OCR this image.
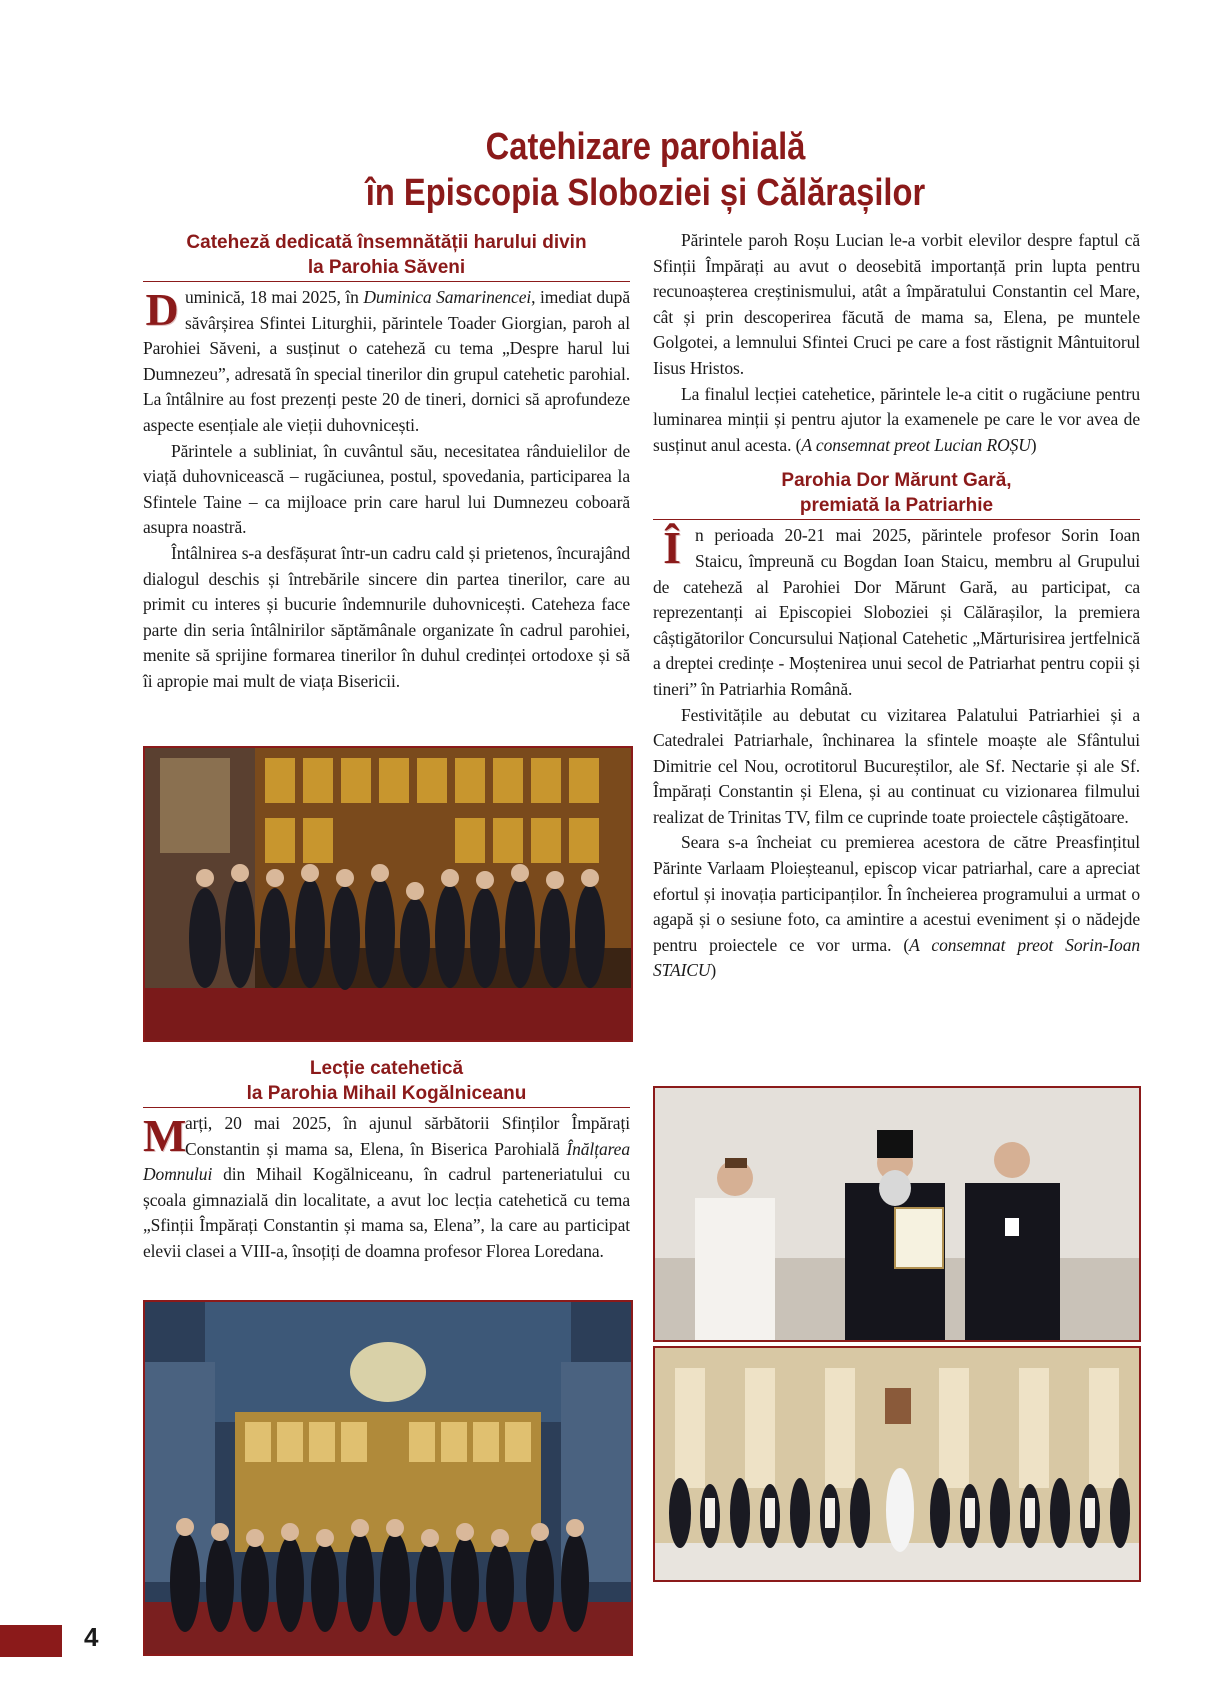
Catehizare parohială
în Episcopia Sloboziei și Călărașilor
Cateheză dedicată însemnătății harului divin
la Parohia Săveni

Duminică, 18 mai 2025, în Duminica Samarinencei, imediat după săvârșirea Sfintei Liturghii, părintele Toader Giorgian, paroh al Parohiei Săveni, a susținut o cateheză cu tema „Despre harul lui Dumnezeu”, adresată în special tinerilor din grupul catehetic parohial. La întâlnire au fost prezenți peste 20 de tineri, dornici să aprofundeze aspecte esențiale ale vieții duhovnicești.

Părintele a subliniat, în cuvântul său, necesitatea rânduielilor de viață duhovnicească – rugăciunea, postul, spovedania, participarea la Sfintele Taine – ca mijloace prin care harul lui Dumnezeu coboară asupra noastră.

Întâlnirea s-a desfășurat într-un cadru cald și prietenos, încurajând dialogul deschis și întrebările sincere din partea tinerilor, care au primit cu interes și bucurie îndemnurile duhovnicești. Cateheza face parte din seria întâlnirilor săptămânale organizate în cadrul parohiei, menite să sprijine formarea tinerilor în duhul credinței ortodoxe și să îi apropie mai mult de viața Bisericii.

Lecție catehetică
la Parohia Mihail Kogălniceanu

M
arți, 20 mai 2025, în ajunul sărbătorii Sfinților Împărați Constantin și mama sa, Elena, în Biserica Parohială Înălțarea Domnului din Mihail Kogălniceanu, în cadrul parteneriatului cu școala gimnazială din localitate, a avut loc lecția catehetică cu tema „Sfinții Împărați Constantin și mama sa, Elena”, la care au participat elevii clasei a VIII-a, însoțiți de doamna profesor Florea Loredana.

Părintele paroh Roșu Lucian le-a vorbit elevilor despre faptul că Sfinții Împărați au avut o deosebită importanță prin lupta pentru recunoașterea creștinismului, atât a împăratului Constantin cel Mare, cât și prin descoperirea făcută de mama sa, Elena, pe muntele Golgotei, a lemnului Sfintei Cruci pe care a fost răstignit Mântuitorul Iisus Hristos.

La finalul lecției catehetice, părintele le-a citit o rugăciune pentru luminarea minții și pentru ajutor la examenele pe care le vor avea de susținut anul acesta. (A consemnat preot Lucian ROȘU)

Parohia Dor Mărunt Gară,
premiată la Patriarhie

În perioada 20-21 mai 2025, părintele profesor Sorin Ioan Staicu, împreună cu Bogdan Ioan Staicu, membru al Grupului de cateheză al Parohiei Dor Mărunt Gară, au participat, ca reprezentanți ai Episcopiei Sloboziei și Călărașilor, la premiera câștigătorilor Concursului Național Catehetic „Mărturisirea jertfelnică a dreptei credințe - Moștenirea unui secol de Patriarhat pentru copii și tineri” în Patriarhia Română.

Festivitățile au debutat cu vizitarea Palatului Patriarhiei și a Catedralei Patriarhale, închinarea la sfintele moaște ale Sfântului Dimitrie cel Nou, ocrotitorul Bucureștilor, ale Sf. Nectarie și ale Sf. Împărați Constantin și Elena, și au continuat cu vizionarea filmului realizat de Trinitas TV, film ce cuprinde toate proiectele câștigătoare.

Seara s-a încheiat cu premierea acestora de către Preasfințitul Părinte Varlaam Ploieșteanul, episcop vicar patriarhal, care a apreciat efortul și inovația participanților. În încheierea programului a urmat o agapă și o sesiune foto, ca amintire a acestui eveniment și o nădejde pentru proiectele ce vor urma. (A consemnat preot Sorin-Ioan STAICU)

4
